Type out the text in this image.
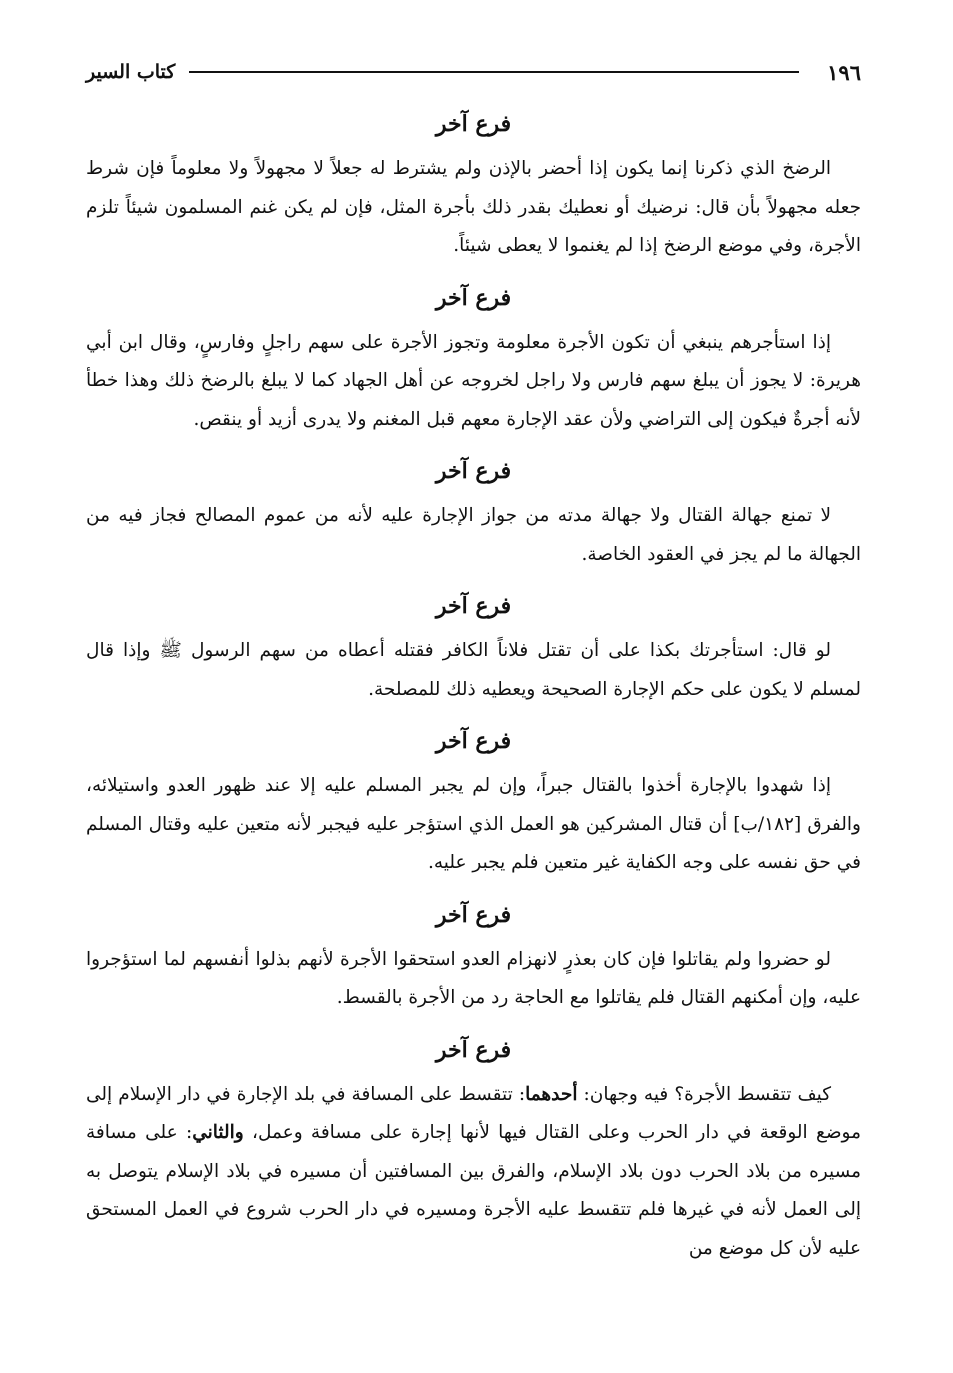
١٩٦
كتاب السير
فرع آخر

الرضخ الذي ذكرنا إنما يكون إذا أحضر بالإذن ولم يشترط له جعلاً لا مجهولاً ولا معلوماً فإن شرط جعله مجهولاً بأن قال: نرضيك أو نعطيك بقدر ذلك بأجرة المثل، فإن لم يكن غنم المسلمون شيئاً تلزم الأجرة، وفي موضع الرضخ إذا لم يغنموا لا يعطى شيئاً.

فرع آخر

إذا استأجرهم ينبغي أن تكون الأجرة معلومة وتجوز الأجرة على سهم راجلٍ وفارسٍ، وقال ابن أبي هريرة: لا يجوز أن يبلغ سهم فارس ولا راجل لخروجه عن أهل الجهاد كما لا يبلغ بالرضخ ذلك وهذا خطأ لأنه أجرةٌ فيكون إلى التراضي ولأن عقد الإجارة معهم قبل المغنم ولا يدرى أزيد أو ينقص.

فرع آخر

لا تمنع جهالة القتال ولا جهالة مدته من جواز الإجارة عليه لأنه من عموم المصالح فجاز فيه من الجهالة ما لم يجز في العقود الخاصة.

فرع آخر

لو قال: استأجرتك بكذا على أن تقتل فلاناً الكافر فقتله أعطاه من سهم الرسول ﷺ وإذا قال لمسلم لا يكون على حكم الإجارة الصحيحة ويعطيه ذلك للمصلحة.

فرع آخر

إذا شهدوا بالإجارة أخذوا بالقتال جبراً، وإن لم يجبر المسلم عليه إلا عند ظهور العدو واستيلائه، والفرق [١٨٢/ب] أن قتال المشركين هو العمل الذي استؤجر عليه فيجبر لأنه متعين عليه وقتال المسلم في حق نفسه على وجه الكفاية غير متعين فلم يجبر عليه.

فرع آخر

لو حضروا ولم يقاتلوا فإن كان بعذرٍ لانهزام العدو استحقوا الأجرة لأنهم بذلوا أنفسهم لما استؤجروا عليه، وإن أمكنهم القتال فلم يقاتلوا مع الحاجة رد من الأجرة بالقسط.

فرع آخر

كيف تتقسط الأجرة؟ فيه وجهان: أحدهما: تتقسط على المسافة في بلد الإجارة في دار الإسلام إلى موضع الوقعة في دار الحرب وعلى القتال فيها لأنها إجارة على مسافة وعمل، والثاني: على مسافة مسيره من بلاد الحرب دون بلاد الإسلام، والفرق بين المسافتين أن مسيره في بلاد الإسلام يتوصل به إلى العمل لأنه في غيرها فلم تتقسط عليه الأجرة ومسيره في دار الحرب شروع في العمل المستحق عليه لأن كل موضع من
